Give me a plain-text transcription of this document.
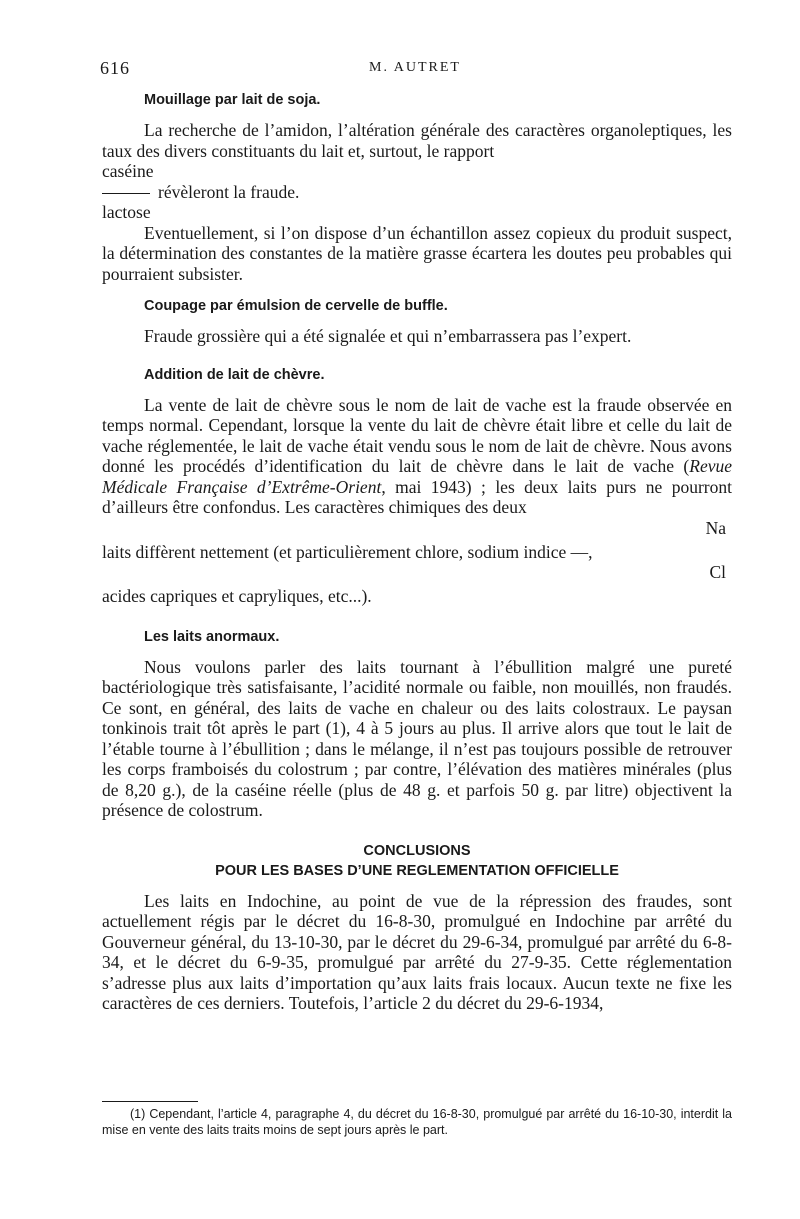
616	M. AUTRET
Mouillage par lait de soja.

La recherche de l’amidon, l’altération générale des caractères organoleptiques, les taux des divers constituants du lait et, surtout, le rapport

caséine
révèleront la fraude.
lactose

Eventuellement, si l’on dispose d’un échantillon assez copieux du produit suspect, la détermination des constantes de la matière grasse écartera les doutes peu probables qui pourraient subsister.

Coupage par émulsion de cervelle de buffle.

Fraude grossière qui a été signalée et qui n’embarrassera pas l’expert.

Addition de lait de chèvre.

La vente de lait de chèvre sous le nom de lait de vache est la fraude observée en temps normal. Cependant, lorsque la vente du lait de chèvre était libre et celle du lait de vache réglementée, le lait de vache était vendu sous le nom de lait de chèvre. Nous avons donné les procédés d’identification du lait de chèvre dans le lait de vache (Revue Médicale Française d’Extrême-Orient, mai 1943) ; les deux laits purs ne pourront d’ailleurs être confondus. Les caractères chimiques des deux

Na

laits diffèrent nettement (et particulièrement chlore, sodium indice —,

Cl

acides capriques et capryliques, etc...).

Les laits anormaux.

Nous voulons parler des laits tournant à l’ébullition malgré une pureté bactériologique très satisfaisante, l’acidité normale ou faible, non mouillés, non fraudés. Ce sont, en général, des laits de vache en chaleur ou des laits colostraux. Le paysan tonkinois trait tôt après le part (1), 4 à 5 jours au plus. Il arrive alors que tout le lait de l’étable tourne à l’ébullition ; dans le mélange, il n’est pas toujours possible de retrouver les corps framboisés du colostrum ; par contre, l’élévation des matières minérales (plus de 8,20 g.), de la caséine réelle (plus de 48 g. et parfois 50 g. par litre) objectivent la présence de colostrum.

CONCLUSIONS
POUR LES BASES D’UNE REGLEMENTATION OFFICIELLE

Les laits en Indochine, au point de vue de la répression des fraudes, sont actuellement régis par le décret du 16-8-30, promulgué en Indochine par arrêté du Gouverneur général, du 13-10-30, par le décret du 29-6-34, promulgué par arrêté du 6-8-34, et le décret du 6-9-35, promulgué par arrêté du 27-9-35. Cette réglementation s’adresse plus aux laits d’importation qu’aux laits frais locaux. Aucun texte ne fixe les caractères de ces derniers. Toutefois, l’article 2 du décret du 29-6-1934,

(1) Cependant, l’article 4, paragraphe 4, du décret du 16-8-30, promulgué par arrêté du 16-10-30, interdit la mise en vente des laits traits moins de sept jours après le part.
